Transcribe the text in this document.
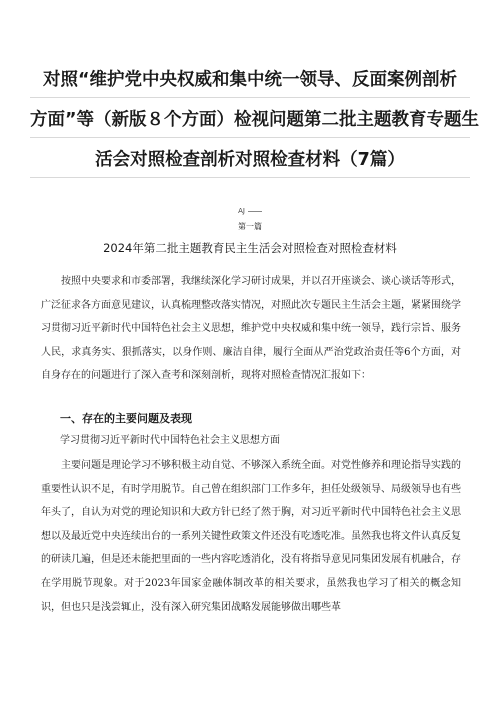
对照“维护党中央权威和集中统一领导、反面案例剖析
方面”等（新版８个方面）检视问题第二批主题教育专题生
活会对照检查剖析对照检查材料（7篇）
AJ
第一篇
2024年第二批主题教育民主生活会对照检查对照检查材料

按照中央要求和市委部署，我继续深化学习研讨成果，并以召开座谈会、谈心谈话等形式，广泛征求各方面意见建议，认真梳理整改落实情况，对照此次专题民主生活会主题，紧紧围绕学习贯彻习近平新时代中国特色社会主义思想，维护党中央权威和集中统一领导，践行宗旨、服务人民，求真务实、狠抓落实，以身作则、廉洁自律，履行全面从严治党政治责任等6个方面，对自身存在的问题进行了深入查考和深刻剖析，现将对照检查情况汇报如下：

一、存在的主要问题及表现
学习贯彻习近平新时代中国特色社会主义思想方面

主要问题是理论学习不够积极主动自觉、不够深入系统全面。对党性修养和理论指导实践的重要性认识不足，有时学用脱节。自己曾在组织部门工作多年，担任处级领导、局级领导也有些年头了，自认为对党的理论知识和大政方针已经了然于胸，对习近平新时代中国特色社会主义思想以及最近党中央连续出台的一系列关键性政策文件还没有吃透吃准。虽然我也将文件认真反复的研读几遍，但是还未能把里面的一些内容吃透消化，没有将指导意见同集团发展有机融合，存在学用脱节现象。对于2023年国家金融体制改革的相关要求，虽然我也学习了相关的概念知识，但也只是浅尝辄止，没有深入研究集团战略发展能够做出哪些革
